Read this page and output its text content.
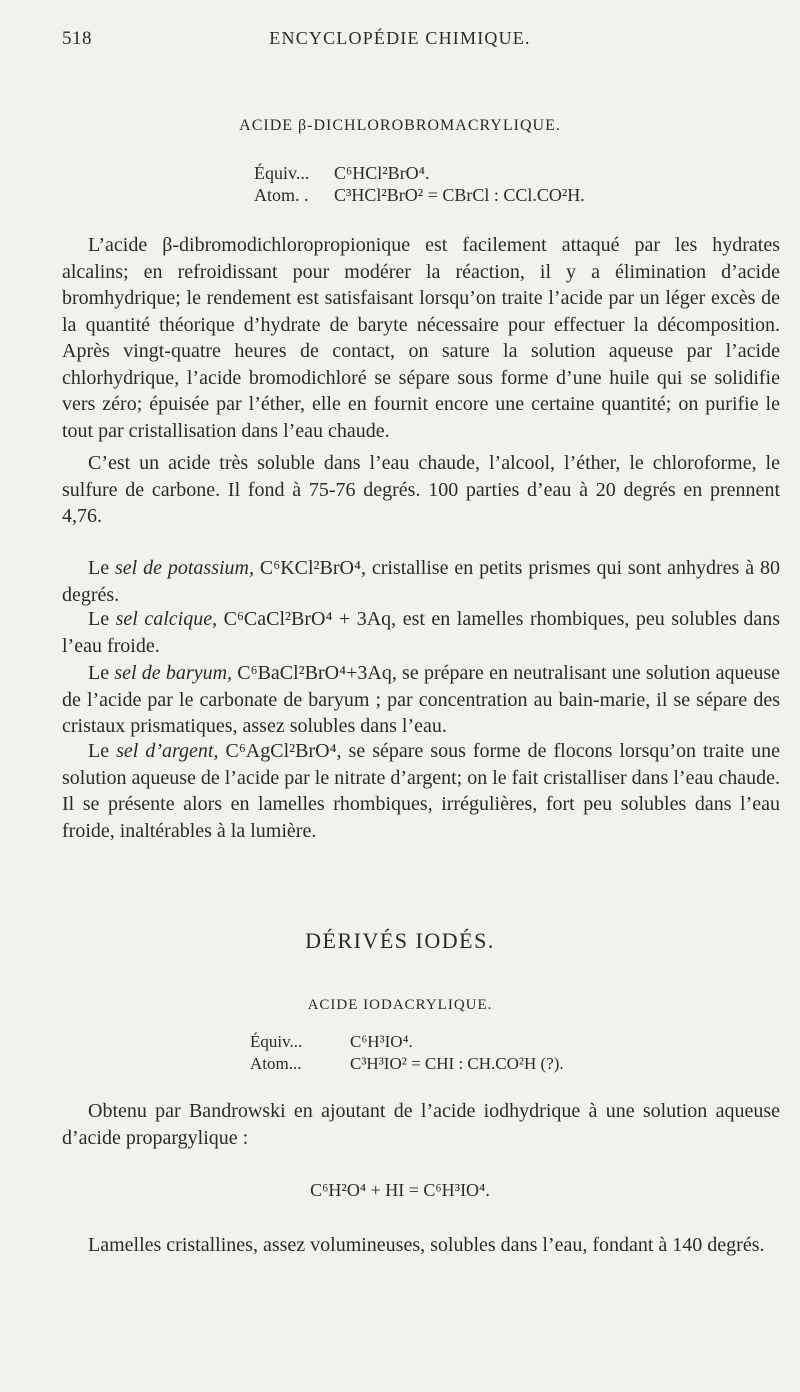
518	ENCYCLOPÉDIE CHIMIQUE.
ACIDE β-DICHLOROBROMACRYLIQUE.
Équiv...	C⁶HCl²BrO⁴.
Atom. .	C³HCl²BrO² = CBrCl : CCl.CO²H.

L’acide β-dibromodichloropropionique est facilement attaqué par les hydrates alcalins; en refroidissant pour modérer la réaction, il y a élimination d’acide bromhydrique; le rendement est satisfaisant lorsqu’on traite l’acide par un léger excès de la quantité théorique d’hydrate de baryte nécessaire pour effectuer la décomposition. Après vingt-quatre heures de contact, on sature la solution aqueuse par l’acide chlorhydrique, l’acide bromodichloré se sépare sous forme d’une huile qui se solidifie vers zéro; épuisée par l’éther, elle en fournit encore une certaine quantité; on purifie le tout par cristallisation dans l’eau chaude.

C’est un acide très soluble dans l’eau chaude, l’alcool, l’éther, le chloroforme, le sulfure de carbone. Il fond à 75-76 degrés. 100 parties d’eau à 20 degrés en prennent 4,76.

Le sel de potassium, C⁶KCl²BrO⁴, cristallise en petits prismes qui sont anhydres à 80 degrés.

Le sel calcique, C⁶CaCl²BrO⁴ + 3Aq, est en lamelles rhombiques, peu solubles dans l’eau froide.

Le sel de baryum, C⁶BaCl²BrO⁴+3Aq, se prépare en neutralisant une solution aqueuse de l’acide par le carbonate de baryum ; par concentration au bain-marie, il se sépare des cristaux prismatiques, assez solubles dans l’eau.

Le sel d’argent, C⁶AgCl²BrO⁴, se sépare sous forme de flocons lorsqu’on traite une solution aqueuse de l’acide par le nitrate d’argent; on le fait cristalliser dans l’eau chaude. Il se présente alors en lamelles rhombiques, irrégulières, fort peu solubles dans l’eau froide, inaltérables à la lumière.

DÉRIVÉS IODÉS.
ACIDE IODACRYLIQUE.
Équiv...	C⁶H³IO⁴.
Atom...	C³H³IO² = CHI : CH.CO²H (?).

Obtenu par Bandrowski en ajoutant de l’acide iodhydrique à une solution aqueuse d’acide propargylique :

C⁶H²O⁴ + HI = C⁶H³IO⁴.

Lamelles cristallines, assez volumineuses, solubles dans l’eau, fondant à 140 degrés.
